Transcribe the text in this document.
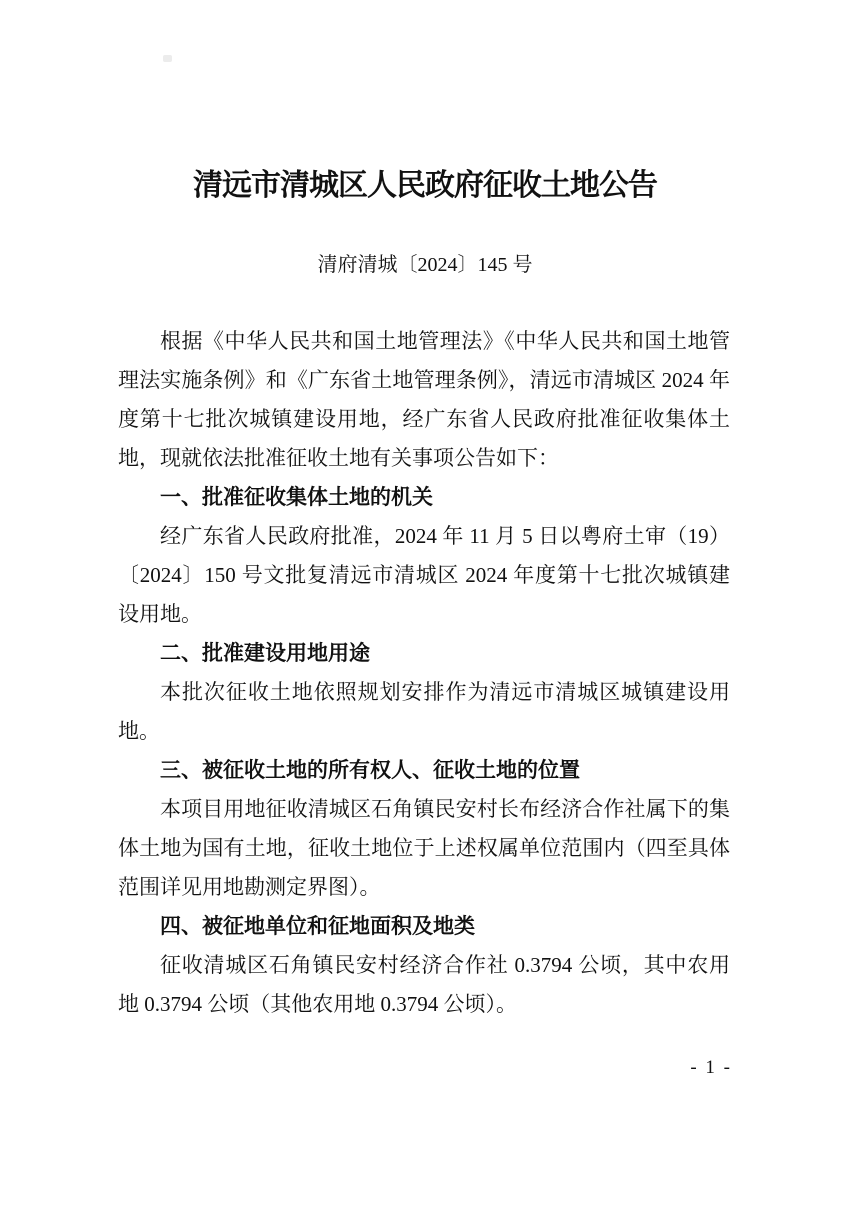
清远市清城区人民政府征收土地公告
清府清城〔2024〕145 号

根据《中华人民共和国土地管理法》《中华人民共和国土地管理法实施条例》和《广东省土地管理条例》，清远市清城区 2024 年度第十七批次城镇建设用地，经广东省人民政府批准征收集体土地，现就依法批准征收土地有关事项公告如下：

一、批准征收集体土地的机关

经广东省人民政府批准，2024 年 11 月 5 日以粤府土审（19）〔2024〕150 号文批复清远市清城区 2024 年度第十七批次城镇建设用地。

二、批准建设用地用途

本批次征收土地依照规划安排作为清远市清城区城镇建设用地。

三、被征收土地的所有权人、征收土地的位置

本项目用地征收清城区石角镇民安村长布经济合作社属下的集体土地为国有土地，征收土地位于上述权属单位范围内（四至具体范围详见用地勘测定界图）。

四、被征地单位和征地面积及地类

征收清城区石角镇民安村经济合作社 0.3794 公顷，其中农用地 0.3794 公顷（其他农用地 0.3794 公顷）。

- 1 -
